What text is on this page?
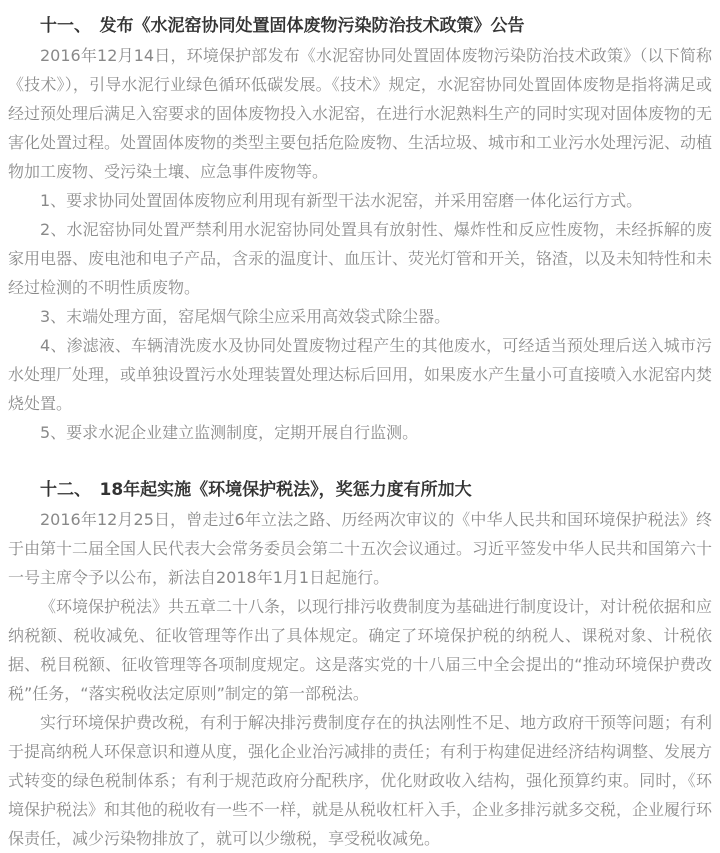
十一、　发布《水泥窑协同处置固体废物污染防治技术政策》公告

2016年12月14日，环境保护部发布《水泥窑协同处置固体废物污染防治技术政策》（以下简称《技术》），引导水泥行业绿色循环低碳发展。《技术》规定，水泥窑协同处置固体废物是指将满足或经过预处理后满足入窑要求的固体废物投入水泥窑，在进行水泥熟料生产的同时实现对固体废物的无害化处置过程。处置固体废物的类型主要包括危险废物、生活垃圾、城市和工业污水处理污泥、动植物加工废物、受污染土壤、应急事件废物等。

1、要求协同处置固体废物应利用现有新型干法水泥窑，并采用窑磨一体化运行方式。

2、水泥窑协同处置严禁利用水泥窑协同处置具有放射性、爆炸性和反应性废物，未经拆解的废家用电器、废电池和电子产品，含汞的温度计、血压计、荧光灯管和开关，铬渣，以及未知特性和未经过检测的不明性质废物。

3、末端处理方面，窑尾烟气除尘应采用高效袋式除尘器。

4、渗滤液、车辆清洗废水及协同处置废物过程产生的其他废水，可经适当预处理后送入城市污水处理厂处理，或单独设置污水处理装置处理达标后回用，如果废水产生量小可直接喷入水泥窑内焚烧处置。

5、要求水泥企业建立监测制度，定期开展自行监测。

十二、　18年起实施《环境保护税法》，奖惩力度有所加大

2016年12月25日，曾走过6年立法之路、历经两次审议的《中华人民共和国环境保护税法》终于由第十二届全国人民代表大会常务委员会第二十五次会议通过。习近平签发中华人民共和国第六十一号主席令予以公布，新法自2018年1月1日起施行。

《环境保护税法》共五章二十八条，以现行排污收费制度为基础进行制度设计，对计税依据和应纳税额、税收减免、征收管理等作出了具体规定。确定了环境保护税的纳税人、课税对象、计税依据、税目税额、征收管理等各项制度规定。这是落实党的十八届三中全会提出的“推动环境保护费改税”任务，“落实税收法定原则”制定的第一部税法。

实行环境保护费改税，有利于解决排污费制度存在的执法刚性不足、地方政府干预等问题；有利于提高纳税人环保意识和遵从度，强化企业治污减排的责任；有利于构建促进经济结构调整、发展方式转变的绿色税制体系；有利于规范政府分配秩序，优化财政收入结构，强化预算约束。同时，《环境保护税法》和其他的税收有一些不一样，就是从税收杠杆入手，企业多排污就多交税，企业履行环保责任，减少污染物排放了，就可以少缴税，享受税收减免。
